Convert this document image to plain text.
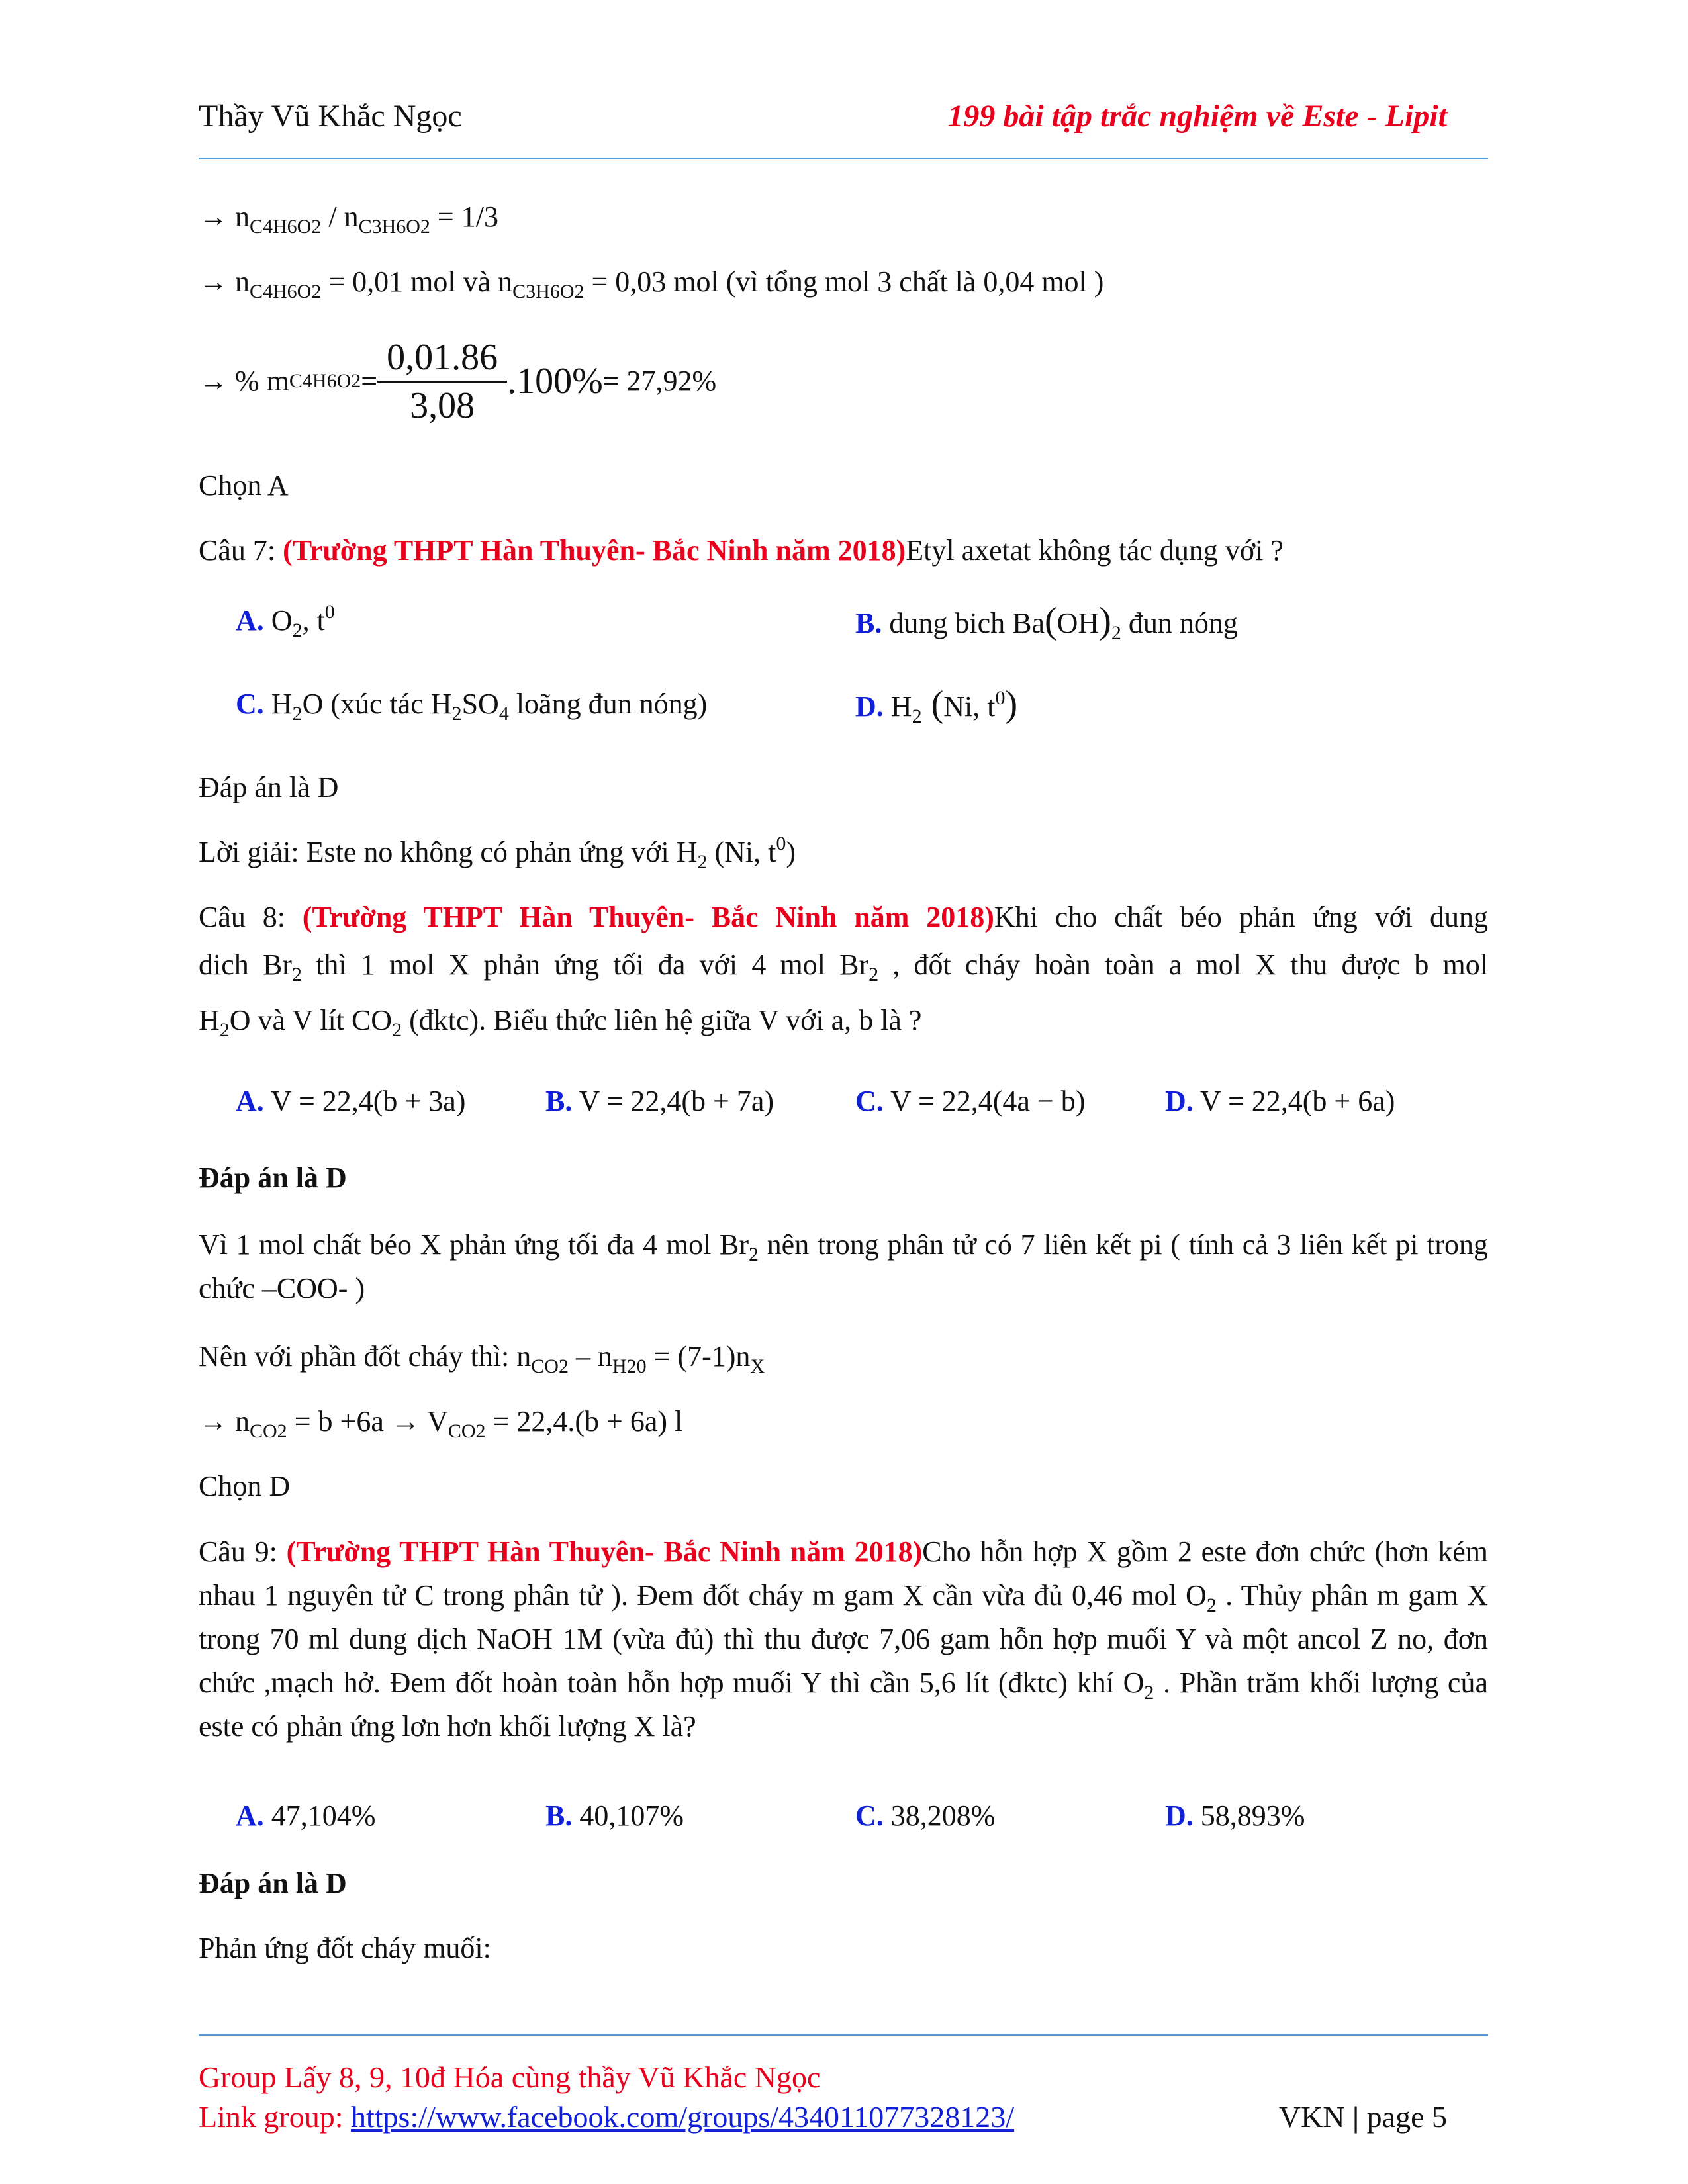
Thầy Vũ Khắc Ngọc	199 bài tập trắc nghiệm về Este - Lipit
→ $n_{C4H6O2} / n_{C3H6O2} = 1/3$
→ $n_{C4H6O2} = 0,01$ mol và $n_{C3H6O2} = 0,03$ mol (vì tổng mol 3 chất là 0,04 mol )
→
% m $C4H6O2 = \frac{0,01.86}{3,08} .100\% = 27,92\%$
Chọn A
Câu 7: (Trường THPT Hàn Thuyên- Bắc Ninh năm 2018)Etyl axetat không tác dụng với ?
A. $O_2$, $t^0$	B. dung bich $Ba(OH)_2$ đun nóng
C. $H_2O$ (xúc tác $H_2SO_4$ loãng đun nóng)	D. $H_2$ (Ni, $t^0$)
Đáp án là D
Lời giải: Este no không có phản ứng với $H_2$ (Ni, $t^0$)
Câu 8: (Trường THPT Hàn Thuyên- Bắc Ninh năm 2018)Khi cho chất béo phản ứng với dung
dich $Br_2$ thì 1 mol X phản ứng tối đa với 4 mol $Br_2$ , đốt cháy hoàn toàn a mol X thu được b mol
$H_2O$ và V lít $CO_2$ (đktc). Biểu thức liên hệ giữa V với a, b là ?
A. V = 22,4(b + 3a)	B. V = 22,4(b + 7a)	C. V = 22,4(4a − b)	D. V = 22,4(b + 6a)
Đáp án là D
Vì 1 mol chất béo X phản ứng tối đa 4 mol $Br_2$ nên trong phân tử có 7 liên kết pi ( tính cả 3 liên kết pi trong chức –COO- )
Nên với phần đốt cháy thì: $n_{CO2} - n_{H20} = (7-1)n_X$
→ $n_{CO2} = b +6a \to V_{CO2} = 22,4.(b + 6a)$ l
Chọn D
Câu 9: (Trường THPT Hàn Thuyên- Bắc Ninh năm 2018)Cho hỗn hợp X gồm 2 este đơn chức (hơn kém nhau 1 nguyên tử C trong phân tử ). Đem đốt cháy m gam X cần vừa đủ 0,46 mol $O_2$ . Thủy phân m gam X trong 70 ml dung dịch NaOH 1M (vừa đủ) thì thu được 7,06 gam hỗn hợp muối Y và một ancol Z no, đơn chức ,mạch hở. Đem đốt hoàn toàn hỗn hợp muối Y thì cần 5,6 lít (đktc) khí $O_2$ . Phần trăm khối lượng của este có phản ứng lơn hơn khối lượng X là?
A. 47,104%	B. 40,107%	C. 38,208%	D. 58,893%
Đáp án là D
Phản ứng đốt cháy muối:
Group Lấy 8, 9, 10đ Hóa cùng thầy Vũ Khắc Ngọc
Link group: https://www.facebook.com/groups/434011077328123/	VKN | page 5
